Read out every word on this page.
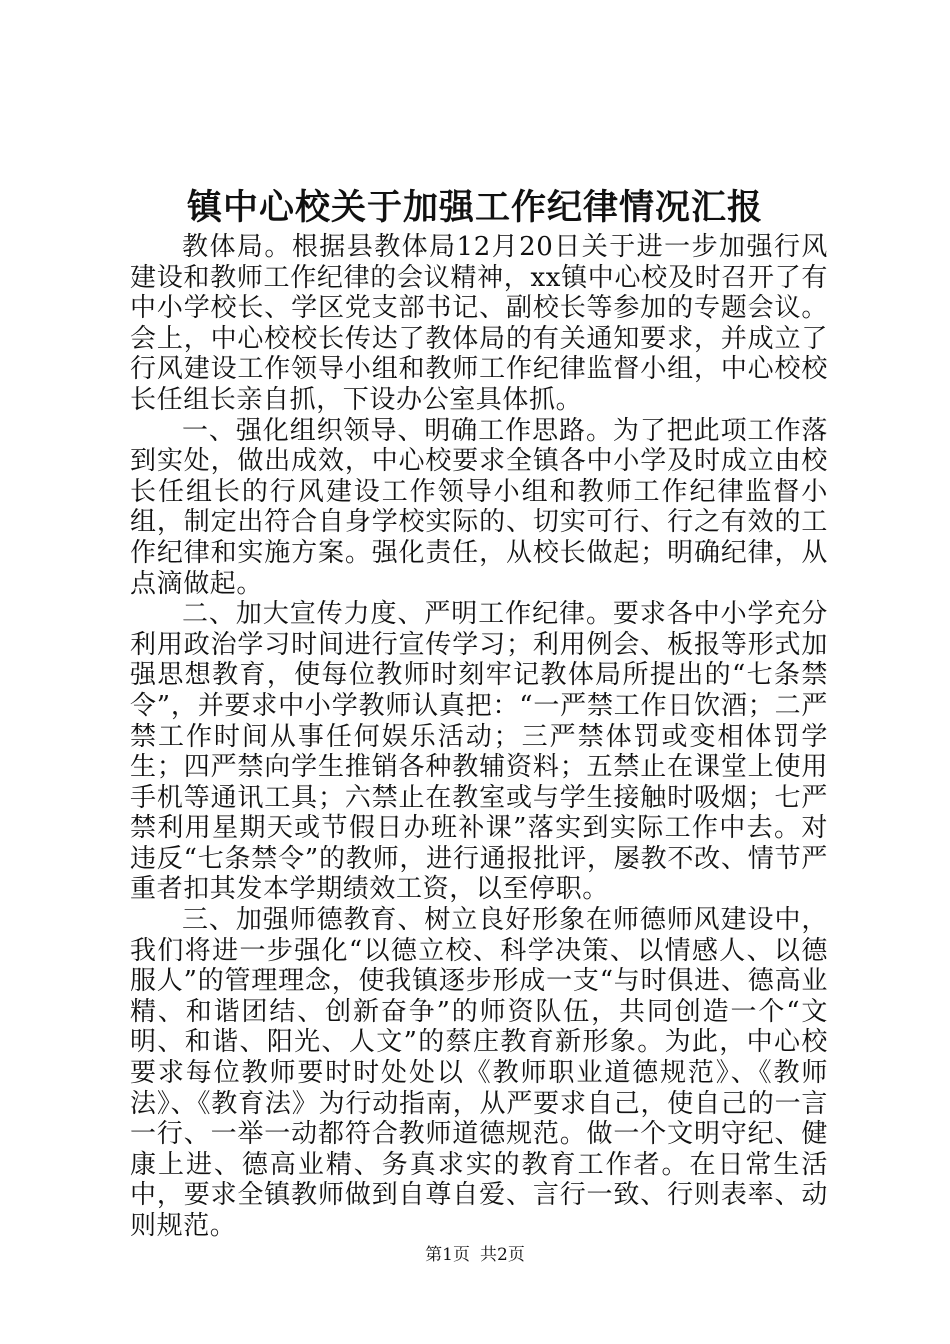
镇中心校关于加强工作纪律情况汇报

教体局。根据县教体局12月20日关于进一步加强行风建设和教师工作纪律的会议精神，xx镇中心校及时召开了有中小学校长、学区党支部书记、副校长等参加的专题会议。会上，中心校校长传达了教体局的有关通知要求，并成立了行风建设工作领导小组和教师工作纪律监督小组，中心校校长任组长亲自抓，下设办公室具体抓。

一、强化组织领导、明确工作思路。为了把此项工作落到实处，做出成效，中心校要求全镇各中小学及时成立由校长任组长的行风建设工作领导小组和教师工作纪律监督小组，制定出符合自身学校实际的、切实可行、行之有效的工作纪律和实施方案。强化责任，从校长做起；明确纪律，从点滴做起。

二、加大宣传力度、严明工作纪律。要求各中小学充分利用政治学习时间进行宣传学习；利用例会、板报等形式加强思想教育，使每位教师时刻牢记教体局所提出的“七条禁令”，并要求中小学教师认真把：“一严禁工作日饮酒；二严禁工作时间从事任何娱乐活动；三严禁体罚或变相体罚学生；四严禁向学生推销各种教辅资料；五禁止在课堂上使用手机等通讯工具；六禁止在教室或与学生接触时吸烟；七严禁利用星期天或节假日办班补课”落实到实际工作中去。对违反“七条禁令”的教师，进行通报批评，屡教不改、情节严重者扣其发本学期绩效工资，以至停职。

三、加强师德教育、树立良好形象在师德师风建设中，我们将进一步强化“以德立校、科学决策、以情感人、以德服人”的管理理念，使我镇逐步形成一支“与时俱进、德高业精、和谐团结、创新奋争”的师资队伍，共同创造一个“文明、和谐、阳光、人文”的蔡庄教育新形象。为此，中心校要求每位教师要时时处处以《教师职业道德规范》、《教师法》、《教育法》为行动指南，从严要求自己，使自己的一言一行、一举一动都符合教师道德规范。做一个文明守纪、健康上进、德高业精、务真求实的教育工作者。在日常生活中，要求全镇教师做到自尊自爱、言行一致、行则表率、动则规范。

第1页 共2页
